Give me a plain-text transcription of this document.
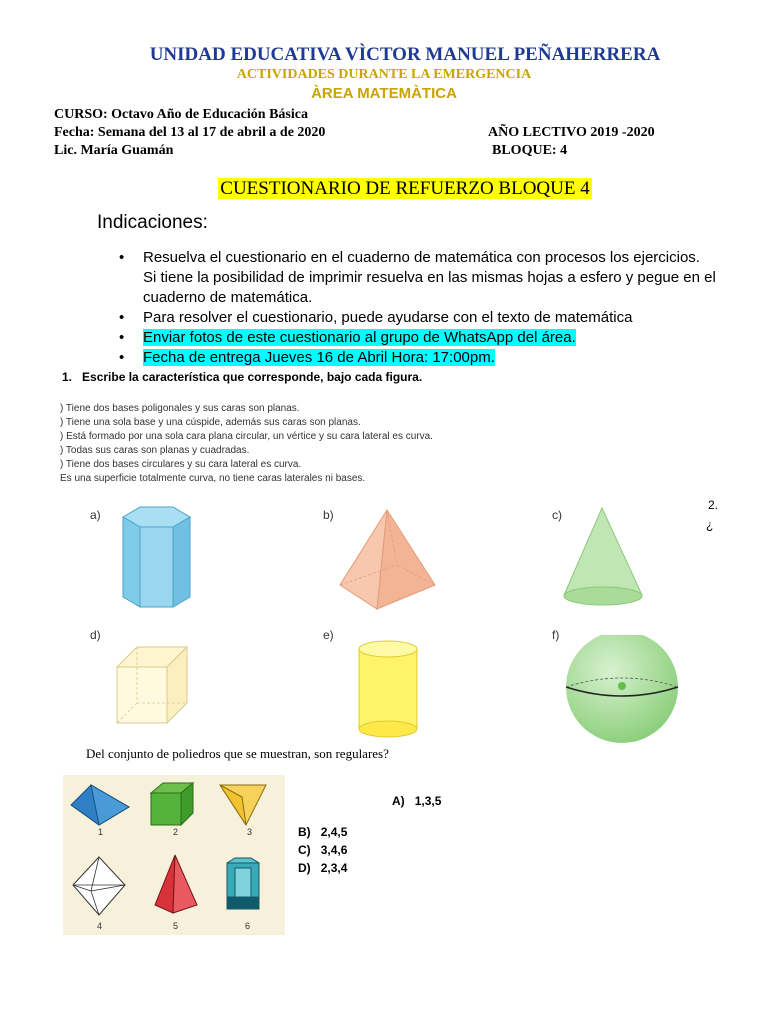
UNIDAD EDUCATIVA VÌCTOR MANUEL PEÑAHERRERA
ACTIVIDADES DURANTE LA EMERGENCIA
ÀREA MATEMÀTICA
CURSO: Octavo Año de Educación Básica
Fecha: Semana del 13 al 17 de abril a de 2020	AÑO LECTIVO 2019 -2020
Lic. María Guamán	BLOQUE: 4
CUESTIONARIO DE REFUERZO BLOQUE 4
Indicaciones:
• Resuelva el cuestionario en el cuaderno de matemática con procesos los ejercicios. Si tiene la posibilidad de imprimir resuelva en las mismas hojas a esfero y pegue en el cuaderno de matemática.
• Para resolver el cuestionario, puede ayudarse con el texto de matemática
• Enviar fotos de este cuestionario al grupo de WhatsApp del área.
• Fecha de entrega Jueves 16 de Abril Hora: 17:00pm.
1. Escribe la característica que corresponde, bajo cada figura.
) Tiene dos bases poligonales y sus caras son planas.
) Tiene una sola base y una cúspide, además sus caras son planas.
) Está formado por una sola cara plana circular, un vértice y su cara lateral es curva.
) Todas sus caras son planas y cuadradas.
) Tiene dos bases circulares y su cara lateral es curva.
Es una superficie totalmente curva, no tiene caras laterales ni bases.
2.
¿
a)	b)	c)
d)	e)	f)
Del conjunto de poliedros que se muestran, son regulares?
1	2	3
4	5	6
A) 1,3,5
B) 2,4,5
C) 3,4,6
D) 2,3,4
